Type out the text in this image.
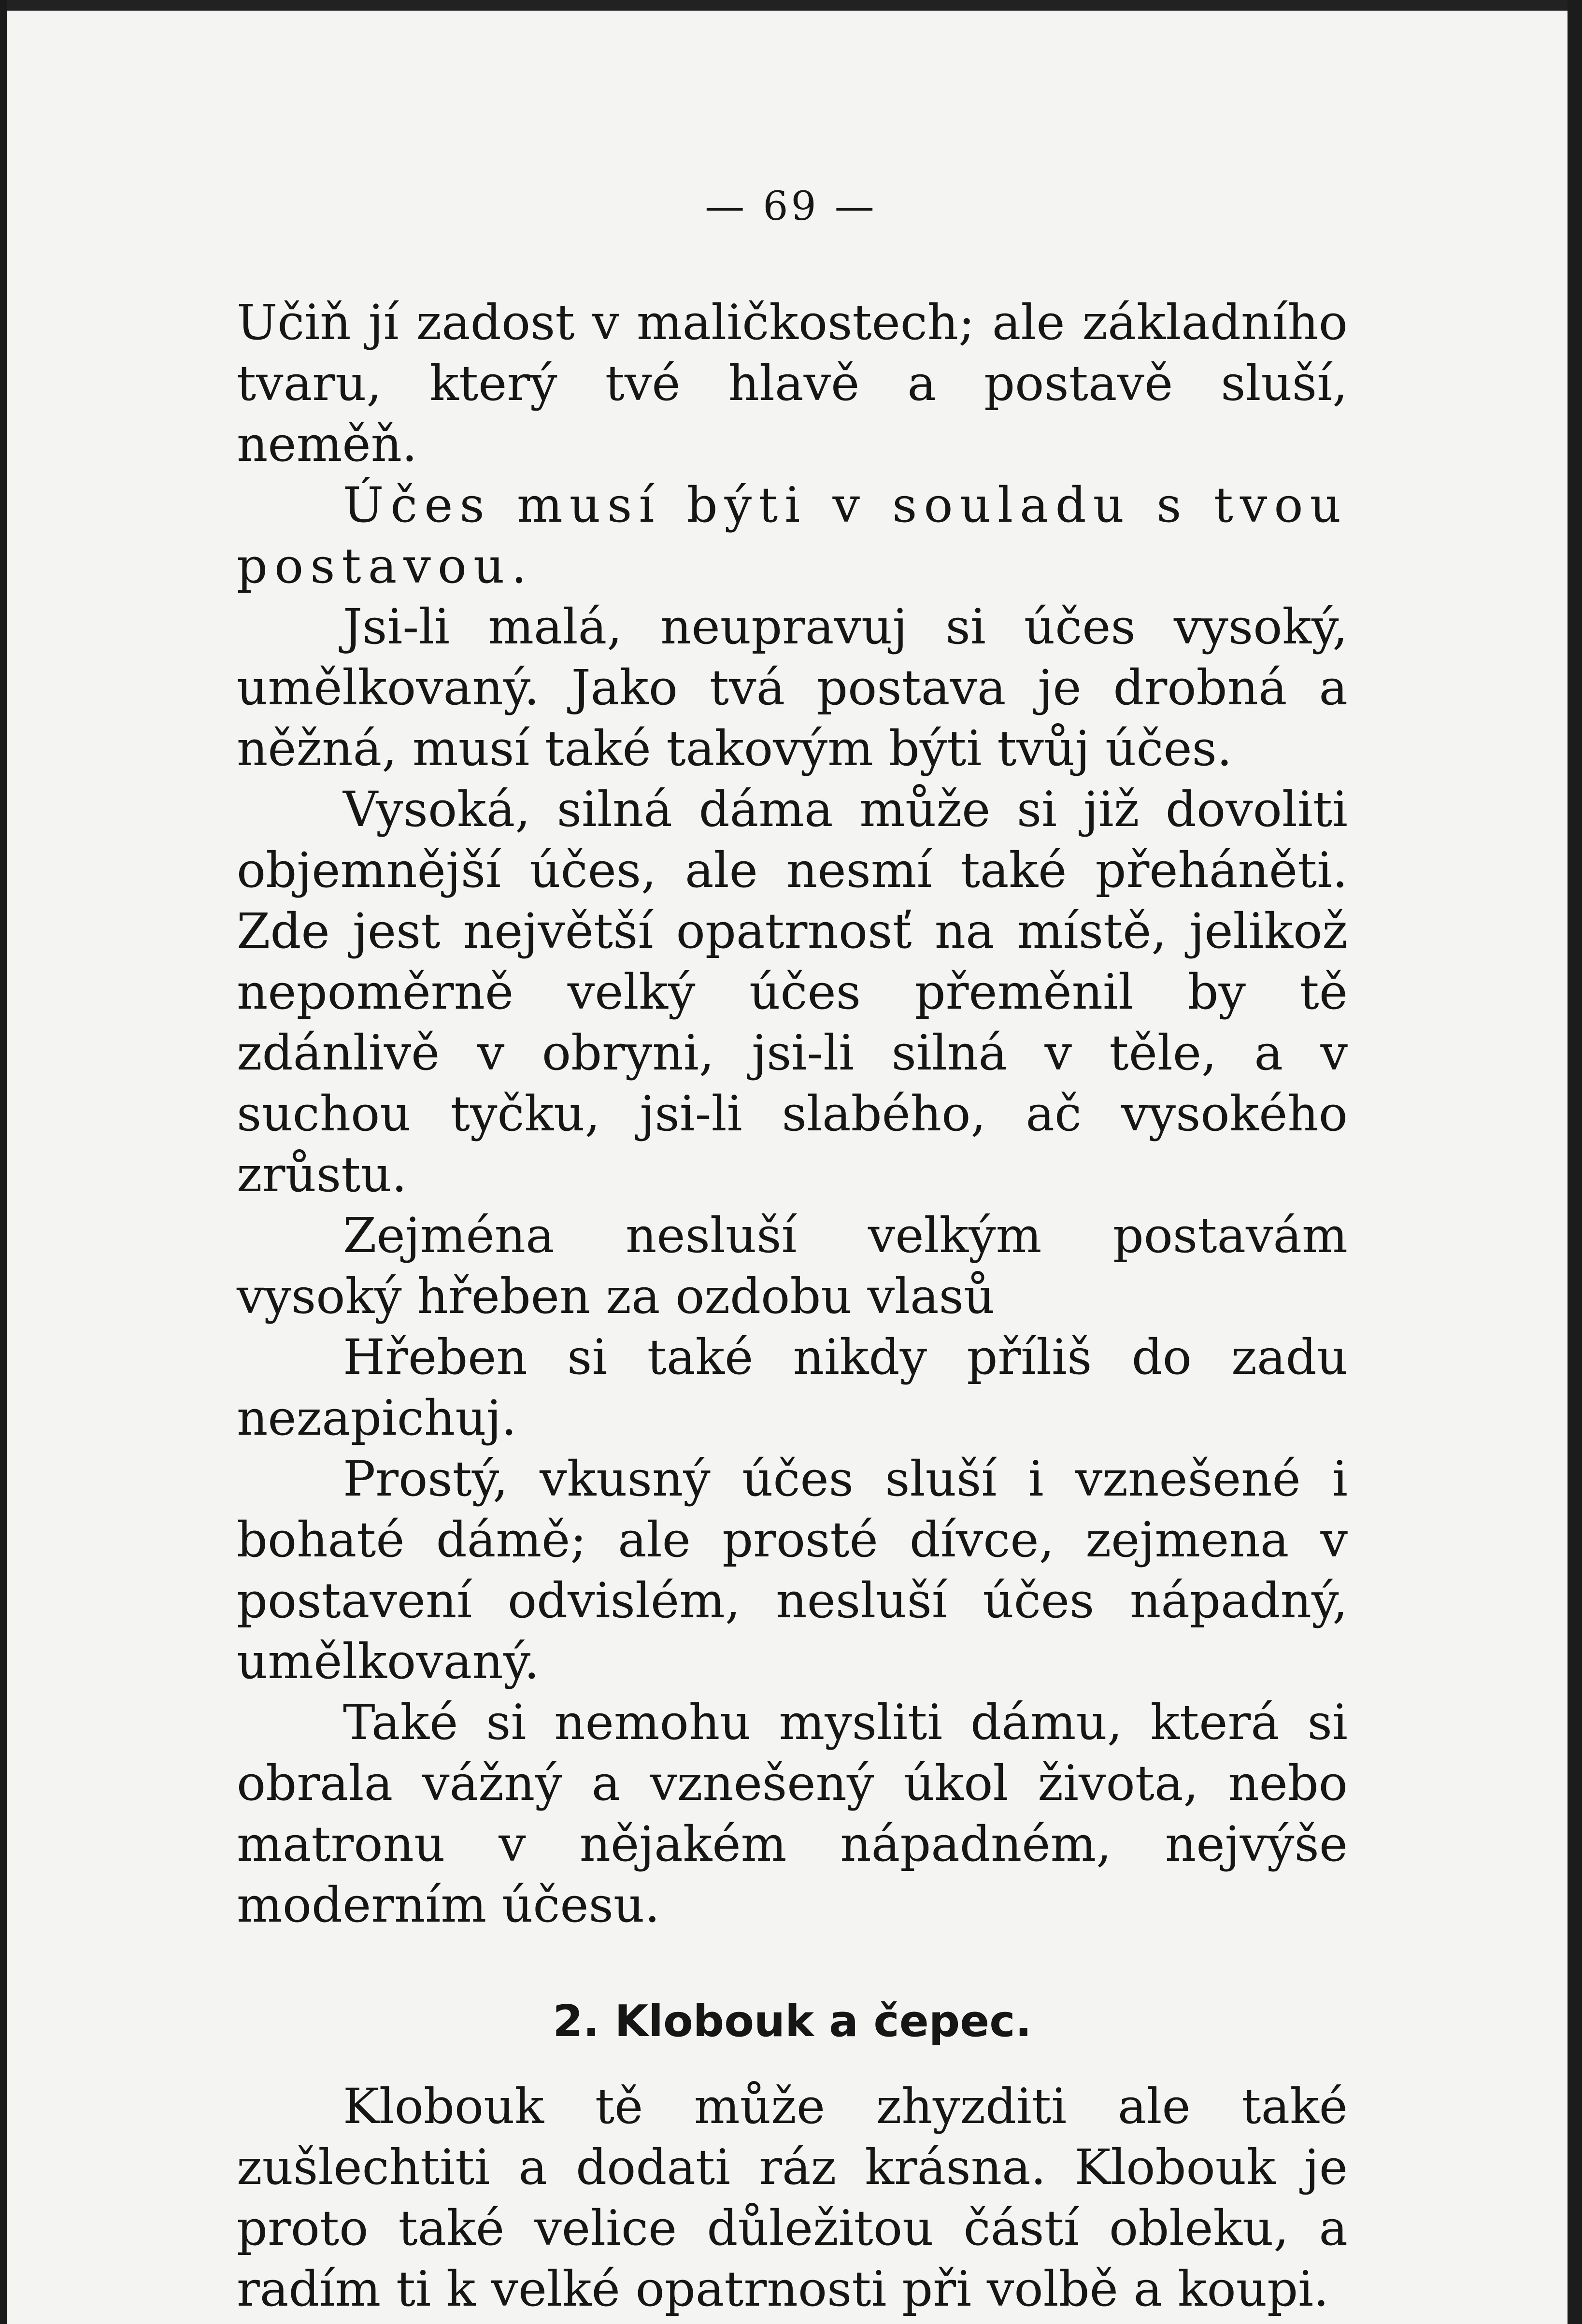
— 69 —

Učiň jí zadost v maličkostech; ale základního tvaru, který tvé hlavě a postavě sluší, neměň.

Účes musí býti v souladu s tvou postavou.

Jsi-li malá, neupravuj si účes vysoký, umělkovaný. Jako tvá postava je drobná a něžná, musí také takovým býti tvůj účes.

Vysoká, silná dáma může si již dovoliti objemnější účes, ale nesmí také přeháněti. Zde jest největší opatrnosť na místě, jelikož nepoměrně velký účes přeměnil by tě zdánlivě v obryni, jsi-li silná v těle, a v suchou tyčku, jsi-li slabého, ač vysokého zrůstu.

Zejména nesluší velkým postavám vysoký hřeben za ozdobu vlasů

Hřeben si také nikdy příliš do zadu nezapichuj.

Prostý, vkusný účes sluší i vznešené i bohaté dámě; ale prosté dívce, zejmena v postavení odvislém, nesluší účes nápadný, umělkovaný.

Také si nemohu mysliti dámu, která si obrala vážný a vznešený úkol života, nebo matronu v nějakém nápadném, nejvýše moderním účesu.

2. Klobouk a čepec.

Klobouk tě může zhyzditi ale také zušlechtiti a dodati ráz krásna. Klobouk je proto také velice důležitou částí obleku, a radím ti k velké opatrnosti při volbě a koupi.
